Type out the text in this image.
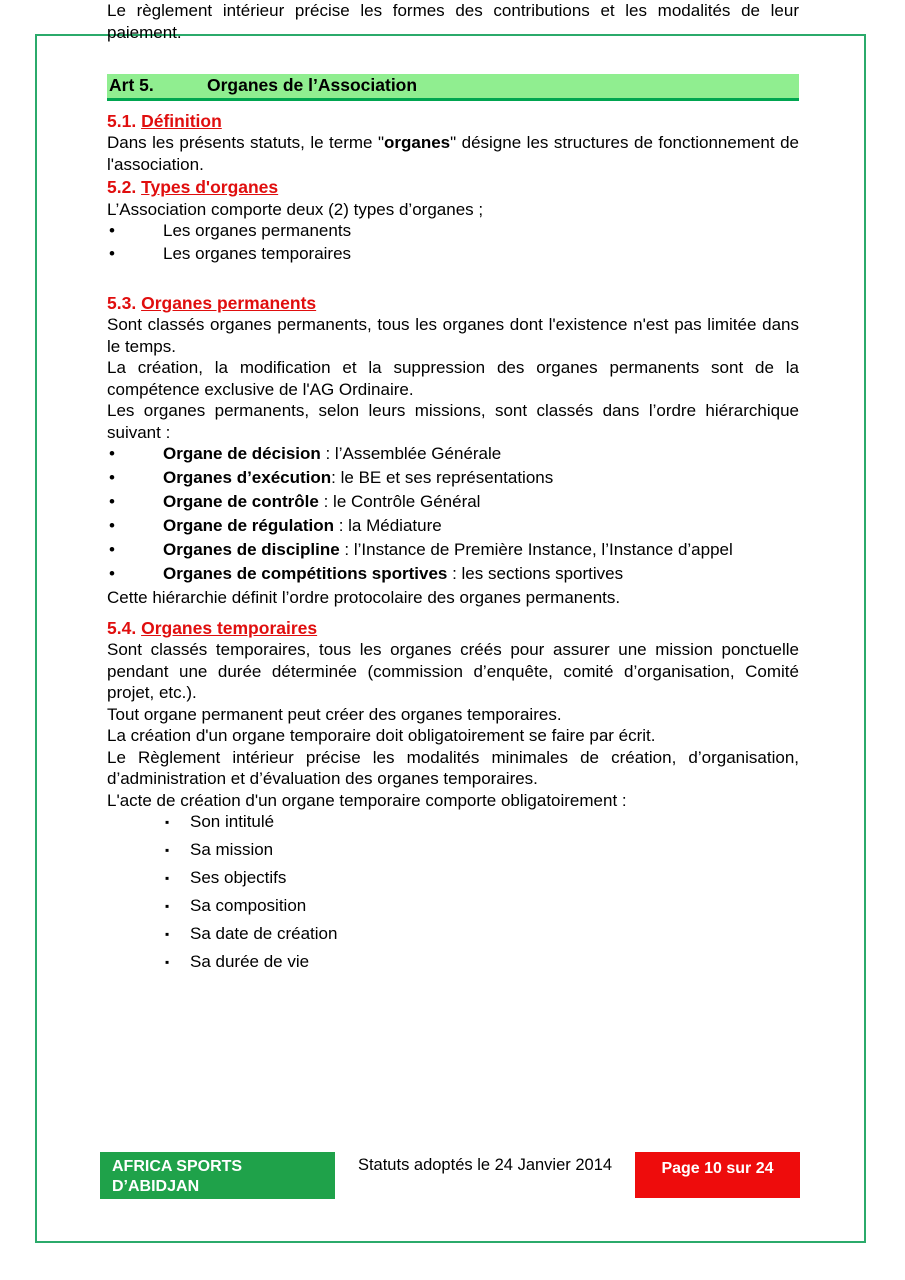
Le règlement intérieur précise les formes des contributions et les modalités de leur paiement.

Art 5.	Organes de l’Association
5.1. Définition

Dans les présents statuts, le terme "organes" désigne les structures de fonctionnement de l'association.

5.2. Types d'organes

L’Association comporte deux (2) types d’organes ;

•	Les organes permanents
•	Les organes temporaires
5.3. Organes permanents

Sont classés organes permanents, tous les organes dont l'existence n'est pas limitée dans le temps.

La création, la modification et la suppression des organes permanents sont de la compétence exclusive de l'AG Ordinaire.

Les organes permanents, selon leurs missions, sont classés dans l’ordre hiérarchique suivant :

•	Organe de décision : l’Assemblée Générale
•	Organes d’exécution: le BE et ses représentations
•	Organe de contrôle : le Contrôle Général
•	Organe de régulation : la Médiature
•	Organes de discipline : l’Instance de Première Instance, l’Instance d’appel
•	Organes de compétitions sportives : les sections sportives

Cette hiérarchie définit l’ordre protocolaire des organes permanents.

5.4. Organes temporaires

Sont classés temporaires, tous les organes créés pour assurer une mission ponctuelle pendant une durée déterminée (commission d’enquête, comité d’organisation, Comité projet, etc.).

Tout organe permanent peut créer des organes temporaires.

La création d'un organe temporaire doit obligatoirement se faire par écrit.

Le Règlement intérieur précise les modalités minimales de création, d’organisation, d’administration et d’évaluation des organes temporaires.

L'acte de création d'un organe temporaire comporte obligatoirement :

▪ Son intitulé
▪ Sa mission
▪ Ses objectifs
▪ Sa composition
▪ Sa date de création
▪ Sa durée de vie
AFRICA SPORTS
D’ABIDJAN
Statuts adoptés le 24 Janvier 2014	Page 10 sur 24
